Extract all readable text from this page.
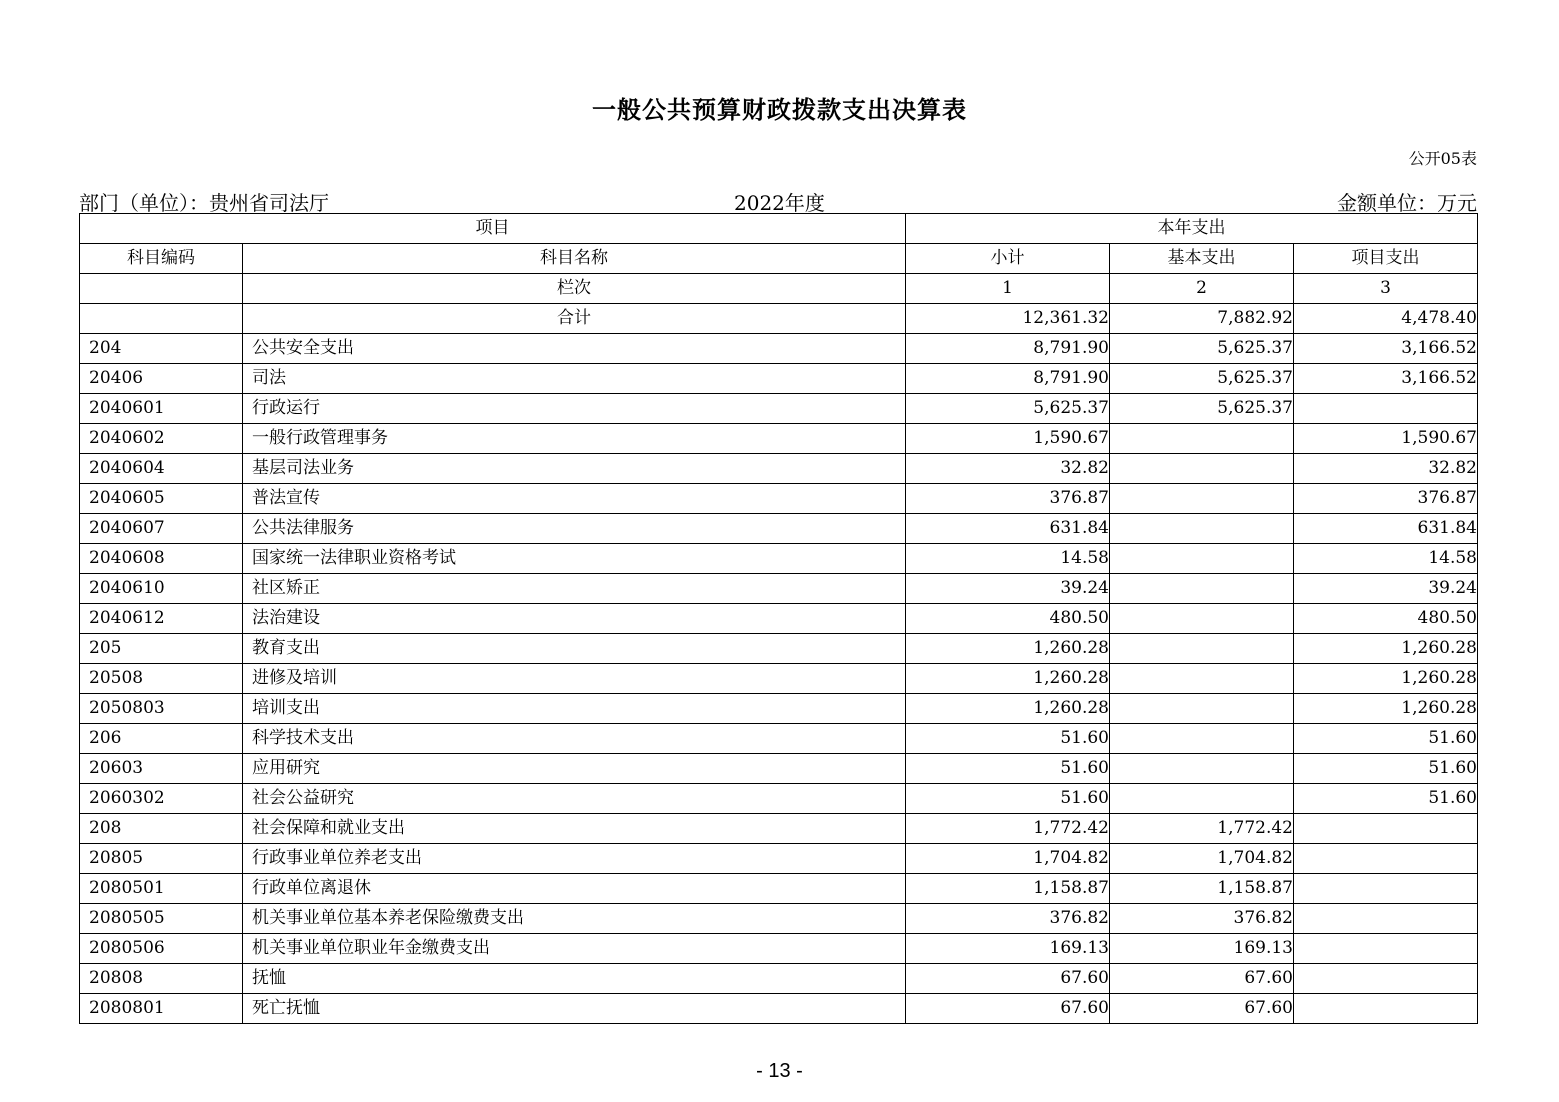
一般公共预算财政拨款支出决算表
公开05表
部门（单位）：贵州省司法厅	2022年度	金额单位：万元
项目		本年支出		
科目编码	科目名称	小计	基本支出	项目支出
	栏次	1	2	3
	合计	12,361.32	7,882.92	4,478.40
204	公共安全支出	8,791.90	5,625.37	3,166.52
20406	司法	8,791.90	5,625.37	3,166.52
2040601	行政运行	5,625.37	5,625.37	
2040602	一般行政管理事务	1,590.67		1,590.67
2040604	基层司法业务	32.82		32.82
2040605	普法宣传	376.87		376.87
2040607	公共法律服务	631.84		631.84
2040608	国家统一法律职业资格考试	14.58		14.58
2040610	社区矫正	39.24		39.24
2040612	法治建设	480.50		480.50
205	教育支出	1,260.28		1,260.28
20508	进修及培训	1,260.28		1,260.28
2050803	培训支出	1,260.28		1,260.28
206	科学技术支出	51.60		51.60
20603	应用研究	51.60		51.60
2060302	社会公益研究	51.60		51.60
208	社会保障和就业支出	1,772.42	1,772.42	
20805	行政事业单位养老支出	1,704.82	1,704.82	
2080501	行政单位离退休	1,158.87	1,158.87	
2080505	机关事业单位基本养老保险缴费支出	376.82	376.82	
2080506	机关事业单位职业年金缴费支出	169.13	169.13	
20808	抚恤	67.60	67.60	
2080801	死亡抚恤	67.60	67.60	
- 13 -
